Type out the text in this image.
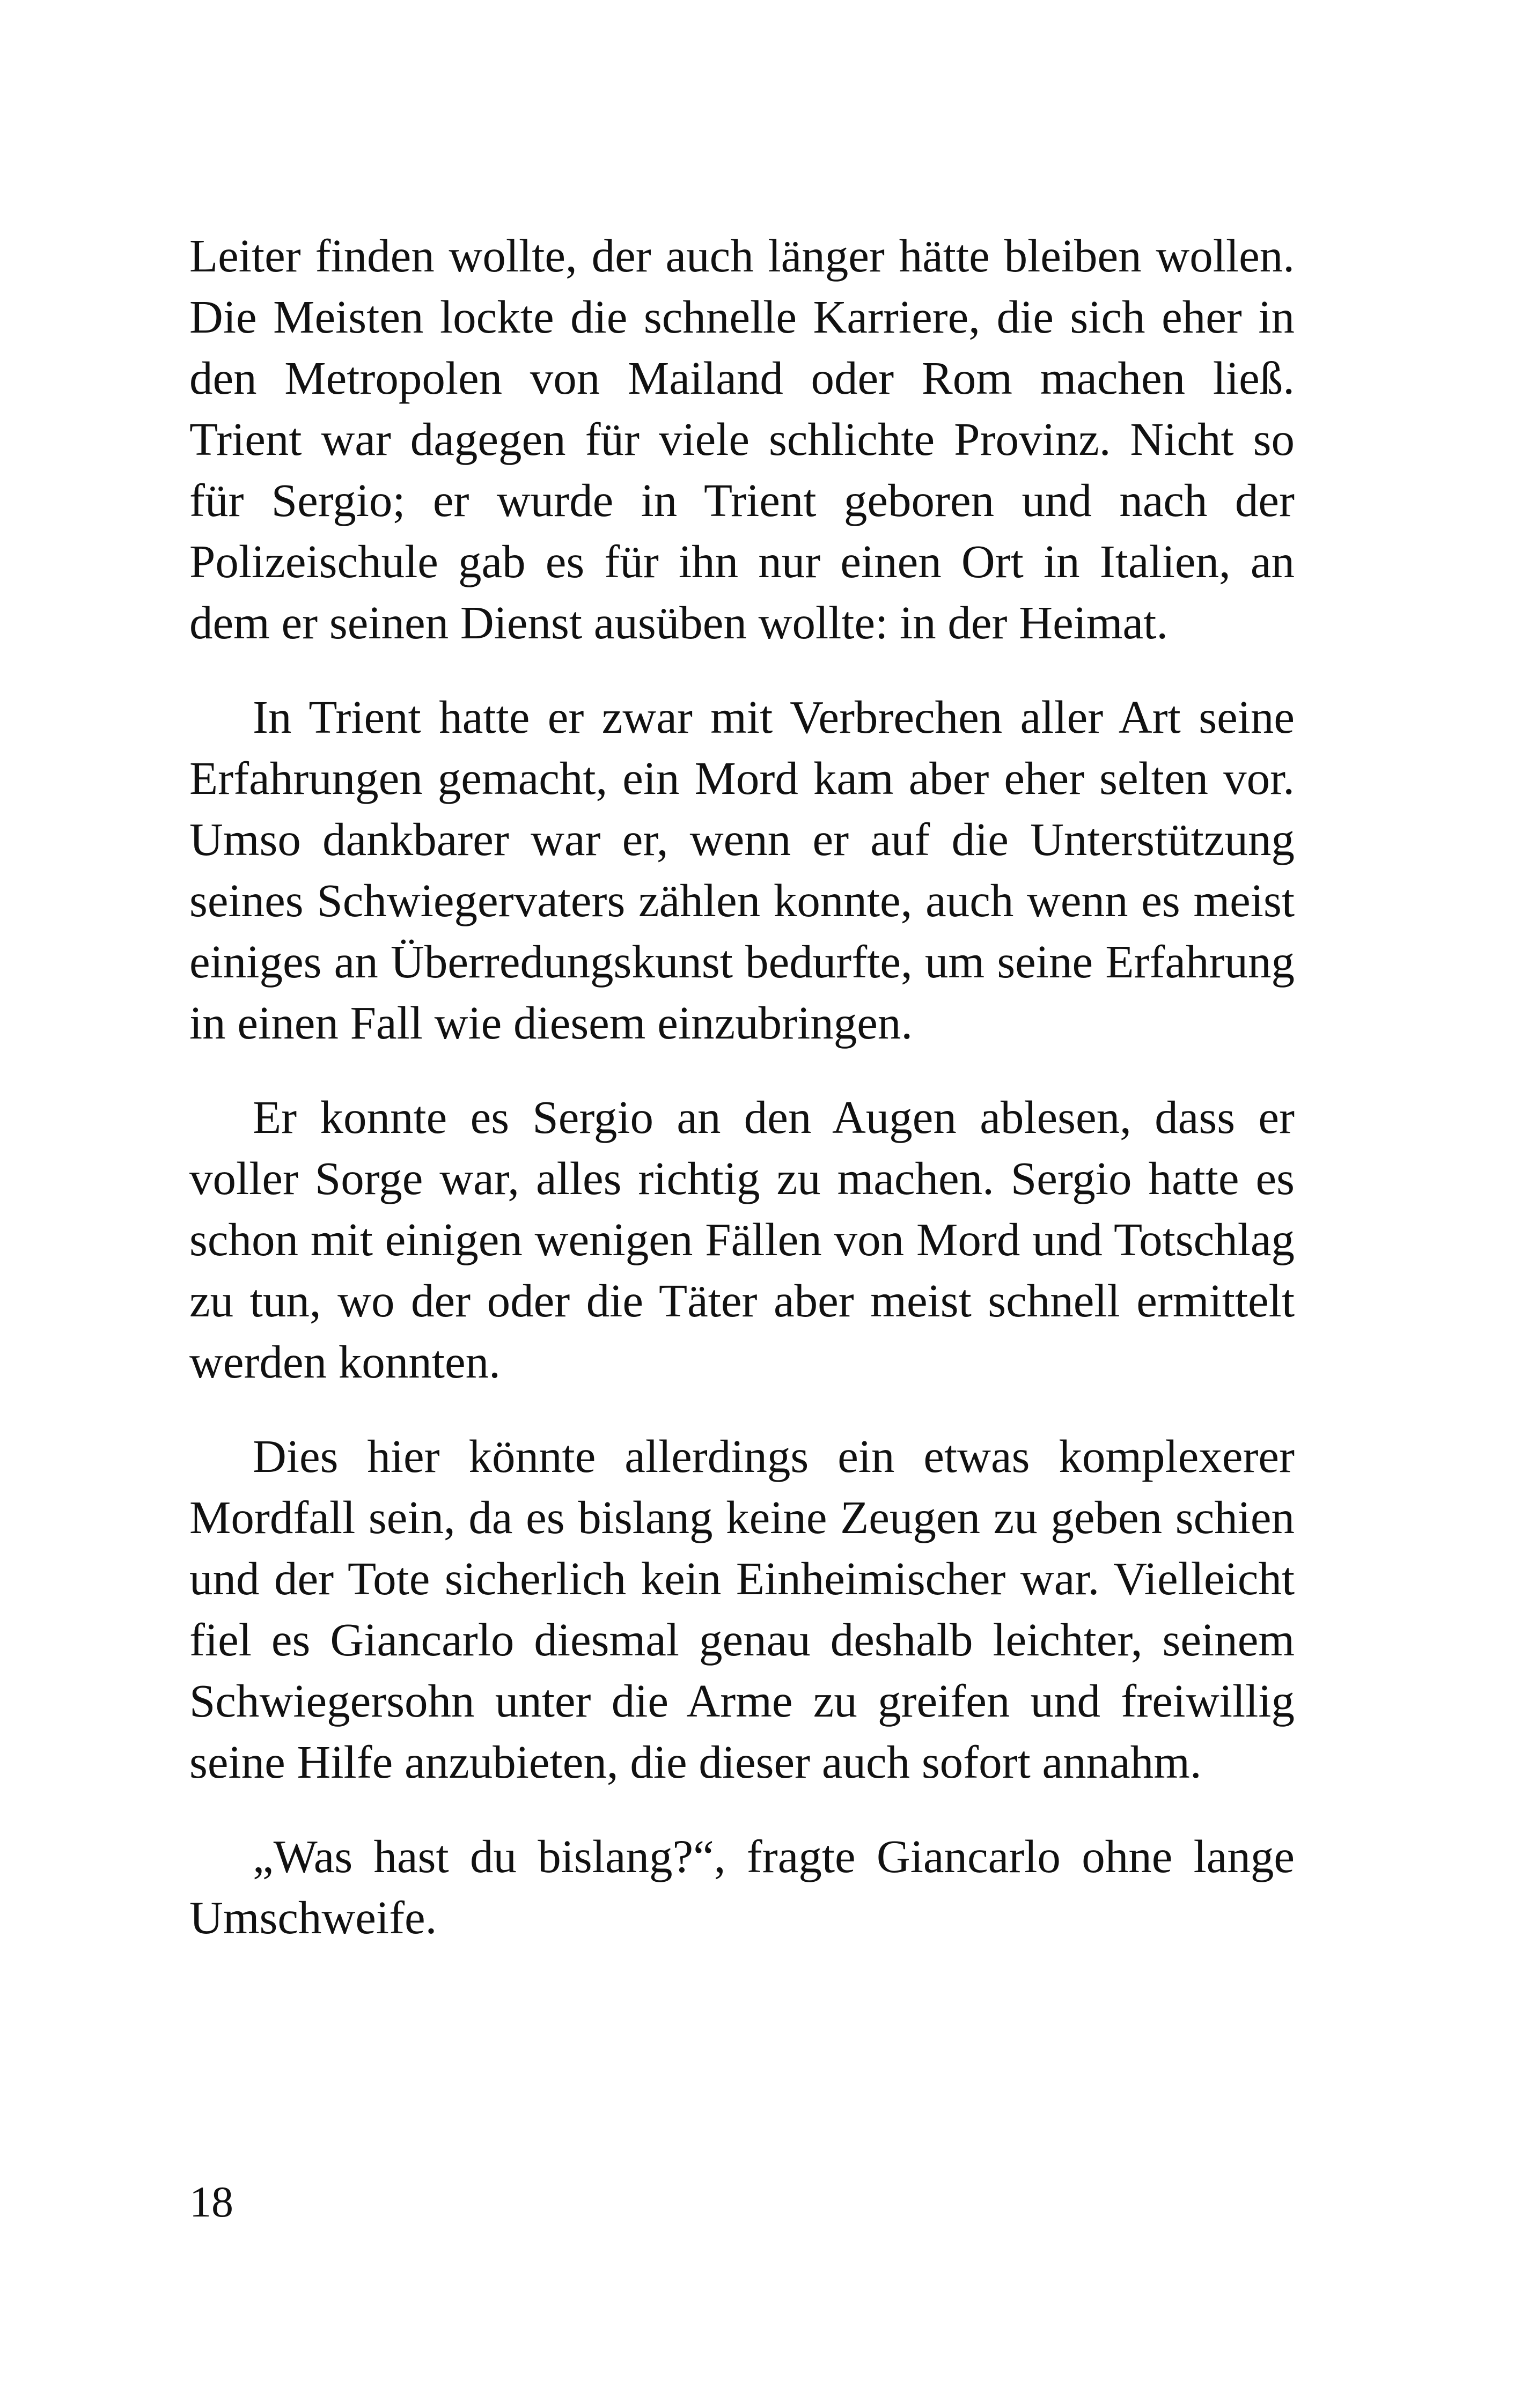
Leiter finden wollte, der auch länger hätte bleiben wollen. Die Meisten lockte die schnelle Karriere, die sich eher in den Metropolen von Mailand oder Rom machen ließ. Trient war dagegen für viele schlichte Provinz. Nicht so für Sergio; er wurde in Trient geboren und nach der Polizeischule gab es für ihn nur einen Ort in Italien, an dem er seinen Dienst ausüben wollte: in der Heimat.

In Trient hatte er zwar mit Verbrechen aller Art seine Erfahrungen gemacht, ein Mord kam aber eher selten vor. Umso dankbarer war er, wenn er auf die Unterstützung seines Schwiegervaters zählen konnte, auch wenn es meist einiges an Überredungskunst bedurfte, um seine Erfahrung in einen Fall wie diesem einzubringen.

Er konnte es Sergio an den Augen ablesen, dass er voller Sorge war, alles richtig zu machen. Sergio hatte es schon mit einigen wenigen Fällen von Mord und Totschlag zu tun, wo der oder die Täter aber meist schnell ermittelt werden konnten.

Dies hier könnte allerdings ein etwas komplexerer Mordfall sein, da es bislang keine Zeugen zu geben schien und der Tote sicherlich kein Einheimischer war. Vielleicht fiel es Giancarlo diesmal genau deshalb leichter, seinem Schwiegersohn unter die Arme zu greifen und freiwillig seine Hilfe anzubieten, die dieser auch sofort annahm.

„Was hast du bislang?“, fragte Giancarlo ohne lange Umschweife.

18
